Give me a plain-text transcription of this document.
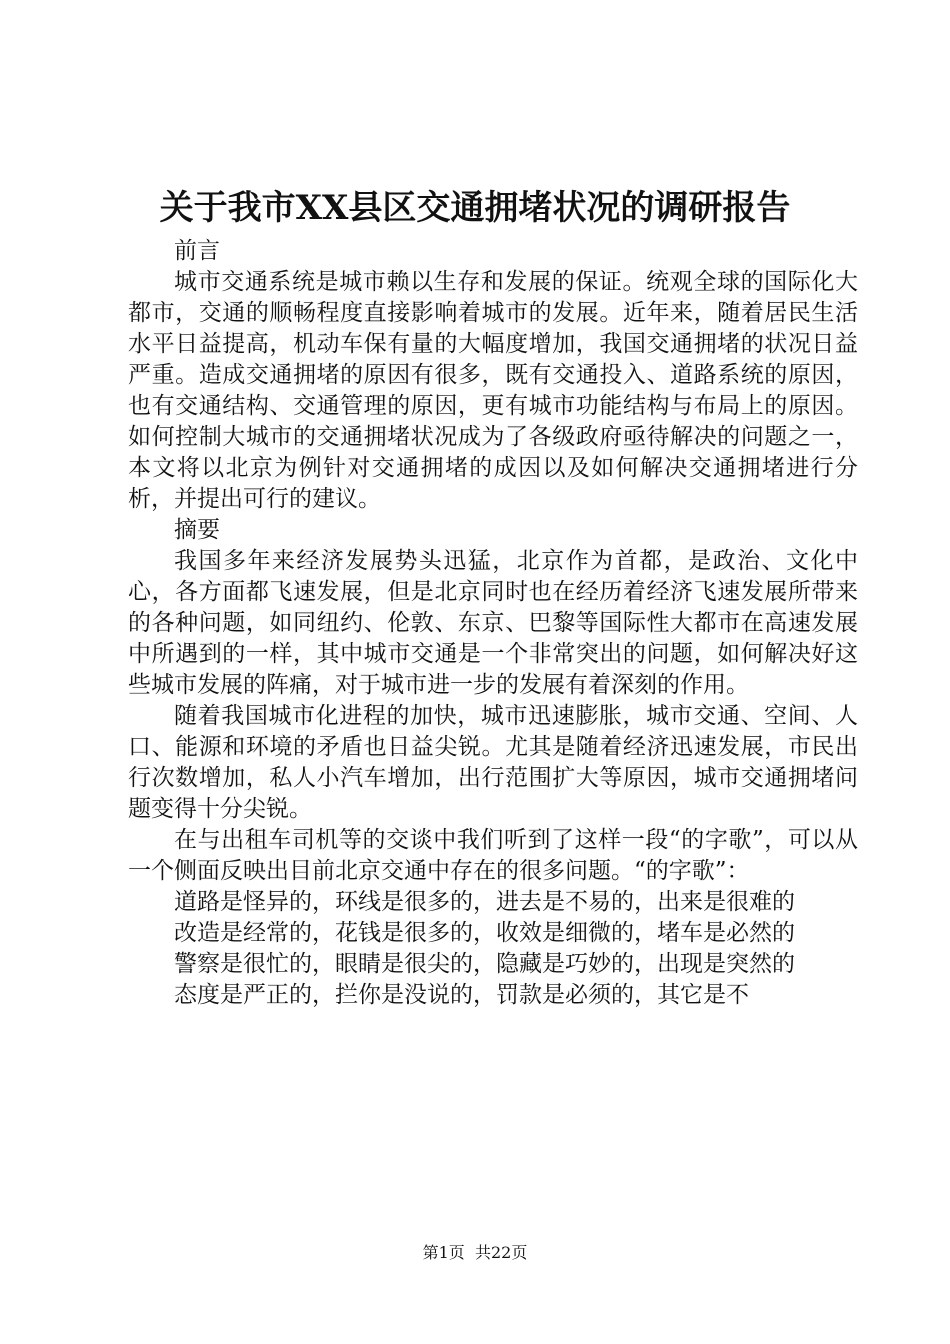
关于我市XX县区交通拥堵状况的调研报告

前言

城市交通系统是城市赖以生存和发展的保证。统观全球的国际化大都市，交通的顺畅程度直接影响着城市的发展。近年来，随着居民生活水平日益提高，机动车保有量的大幅度增加，我国交通拥堵的状况日益严重。造成交通拥堵的原因有很多，既有交通投入、道路系统的原因，也有交通结构、交通管理的原因，更有城市功能结构与布局上的原因。如何控制大城市的交通拥堵状况成为了各级政府亟待解决的问题之一，本文将以北京为例针对交通拥堵的成因以及如何解决交通拥堵进行分析，并提出可行的建议。

摘要

我国多年来经济发展势头迅猛，北京作为首都，是政治、文化中心，各方面都飞速发展，但是北京同时也在经历着经济飞速发展所带来的各种问题，如同纽约、伦敦、东京、巴黎等国际性大都市在高速发展中所遇到的一样，其中城市交通是一个非常突出的问题，如何解决好这些城市发展的阵痛，对于城市进一步的发展有着深刻的作用。

随着我国城市化进程的加快，城市迅速膨胀，城市交通、空间、人口、能源和环境的矛盾也日益尖锐。尤其是随着经济迅速发展，市民出行次数增加，私人小汽车增加，出行范围扩大等原因，城市交通拥堵问题变得十分尖锐。

在与出租车司机等的交谈中我们听到了这样一段“的字歌”，可以从一个侧面反映出目前北京交通中存在的很多问题。“的字歌”：

道路是怪异的，环线是很多的，进去是不易的，出来是很难的

改造是经常的，花钱是很多的，收效是细微的，堵车是必然的

警察是很忙的，眼睛是很尖的，隐藏是巧妙的，出现是突然的

态度是严正的，拦你是没说的，罚款是必须的，其它是不

第1页 共22页
